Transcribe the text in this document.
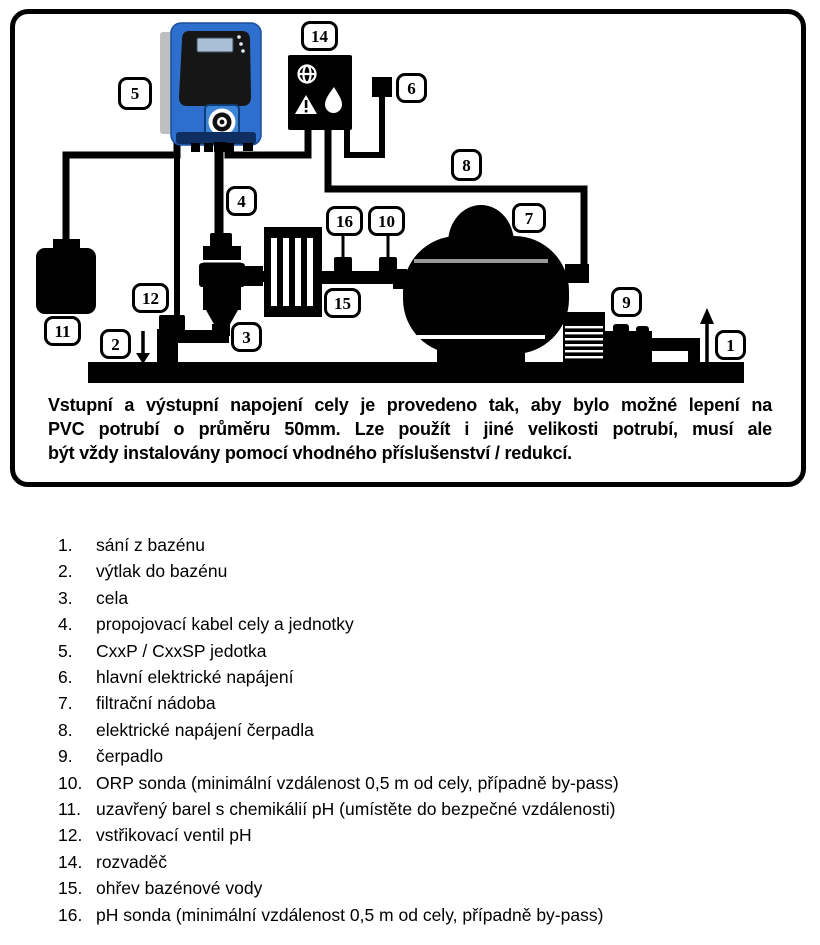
1
2	3
4
5	6
7
8
9
10
11
12
14
15
16
Vstupní a výstupní napojení cely je provedeno tak, aby bylo možné lepení na
PVC potrubí o průměru 50mm. Lze použít i jiné velikosti potrubí, musí ale
být vždy instalovány pomocí vhodného příslušenství / redukcí.
1.	sání z bazénu
2.	výtlak do bazénu
3.	cela
4.	propojovací kabel cely a jednotky
5.	CxxP / CxxSP jedotka
6.	hlavní elektrické napájení
7.	filtrační nádoba
8.	elektrické napájení čerpadla
9.	čerpadlo
10. ORP sonda (minimální vzdálenost 0,5 m od cely, případně by-pass)
11. uzavřený barel s chemikálií pH (umístěte do bezpečné vzdálenosti)
12. vstřikovací ventil pH
14. rozvaděč
15. ohřev bazénové vody
16. pH sonda (minimální vzdálenost 0,5 m od cely, případně by-pass)
